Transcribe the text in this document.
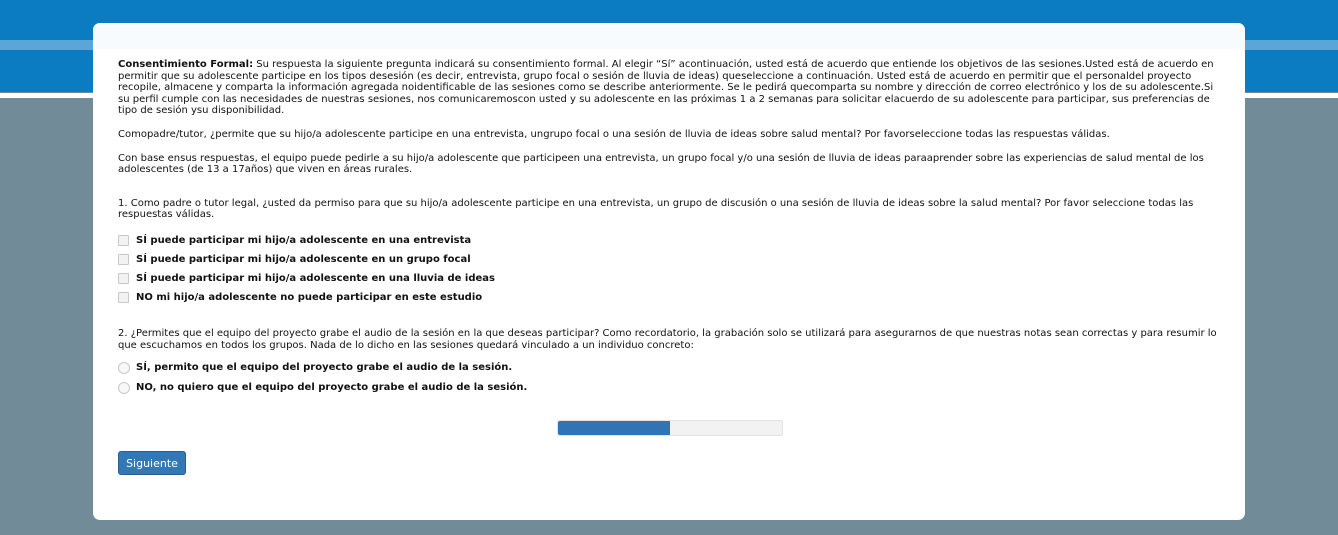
Consentimiento Formal: Su respuesta la siguiente pregunta indicará su consentimiento formal. Al elegir “Sí” acontinuación, usted está de acuerdo que entiende los objetivos de las sesiones.Usted está de acuerdo en permitir que su adolescente participe en los tipos desesión (es decir, entrevista, grupo focal o sesión de lluvia de ideas) queseleccione a continuación. Usted está de acuerdo en permitir que el personaldel proyecto recopile, almacene y comparta la información agregada noidentificable de las sesiones como se describe anteriormente. Se le pedirá quecomparta su nombre y dirección de correo electrónico y los de su adolescente.Si su perfil cumple con las necesidades de nuestras sesiones, nos comunicaremoscon usted y su adolescente en las próximas 1 a 2 semanas para solicitar elacuerdo de su adolescente para participar, sus preferencias de tipo de sesión ysu disponibilidad.

Comopadre/tutor, ¿permite que su hijo/a adolescente participe en una entrevista, ungrupo focal o una sesión de lluvia de ideas sobre salud mental? Por favorseleccione todas las respuestas válidas.

Con base ensus respuestas, el equipo puede pedirle a su hijo/a adolescente que participeen una entrevista, un grupo focal y/o una sesión de lluvia de ideas paraaprender sobre las experiencias de salud mental de los adolescentes (de 13 a 17años) que viven en áreas rurales.

1. Como padre o tutor legal, ¿usted da permiso para que su hijo/a adolescente participe en una entrevista, un grupo de discusión o una sesión de lluvia de ideas sobre la salud mental? Por favor seleccione todas las respuestas válidas.
SÍ puede participar mi hijo/a adolescente en una entrevista
SÍ puede participar mi hijo/a adolescente en un grupo focal
SÍ puede participar mi hijo/a adolescente en una lluvia de ideas
NO mi hijo/a adolescente no puede participar en este estudio
2. ¿Permites que el equipo del proyecto grabe el audio de la sesión en la que deseas participar? Como recordatorio, la grabación solo se utilizará para asegurarnos de que nuestras notas sean correctas y para resumir lo que escuchamos en todos los grupos. Nada de lo dicho en las sesiones quedará vinculado a un individuo concreto:
SÍ, permito que el equipo del proyecto grabe el audio de la sesión.
NO, no quiero que el equipo del proyecto grabe el audio de la sesión.
Siguiente
